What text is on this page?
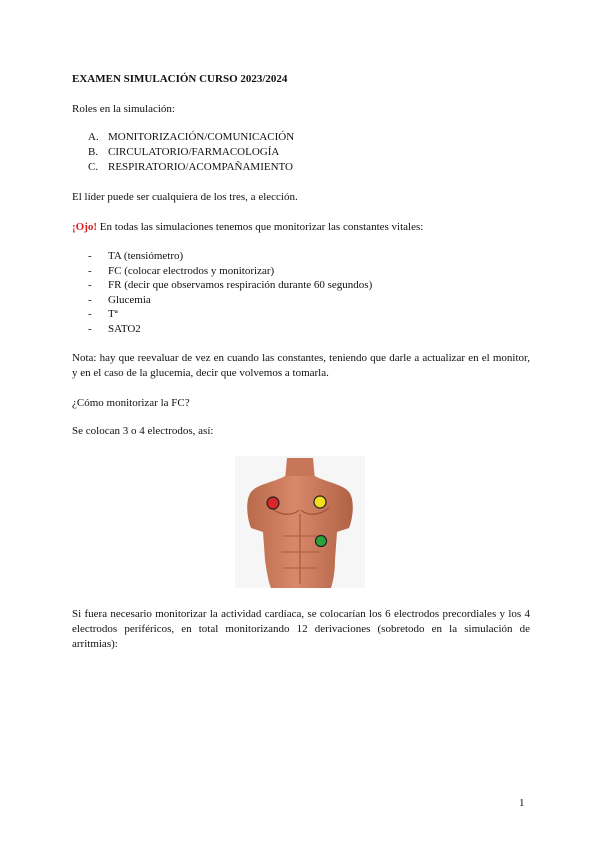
EXAMEN SIMULACIÓN CURSO 2023/2024

Roles en la simulación:

A. MONITORIZACIÓN/COMUNICACIÓN
B. CIRCULATORIO/FARMACOLOGÍA
C. RESPIRATORIO/ACOMPAÑAMIENTO

El líder puede ser cualquiera de los tres, a elección.

¡Ojo! En todas las simulaciones tenemos que monitorizar las constantes vitales:

-	TA (tensiómetro)
-	FC (colocar electrodos y monitorizar)
-	FR (decir que observamos respiración durante 60 segundos)
-	Glucemia
-	Tª
-	SATO2

Nota: hay que reevaluar de vez en cuando las constantes, teniendo que darle a actualizar en el monitor, y en el caso de la glucemia, decir que volvemos a tomarla.

¿Cómo monitorizar la FC?

Se colocan 3 o 4 electrodos, así:

Si fuera necesario monitorizar la actividad cardíaca, se colocarían los 6 electrodos precordiales y los 4 electrodos periféricos, en total monitorizando 12 derivaciones (sobretodo en la simulación de arritmias):

1
